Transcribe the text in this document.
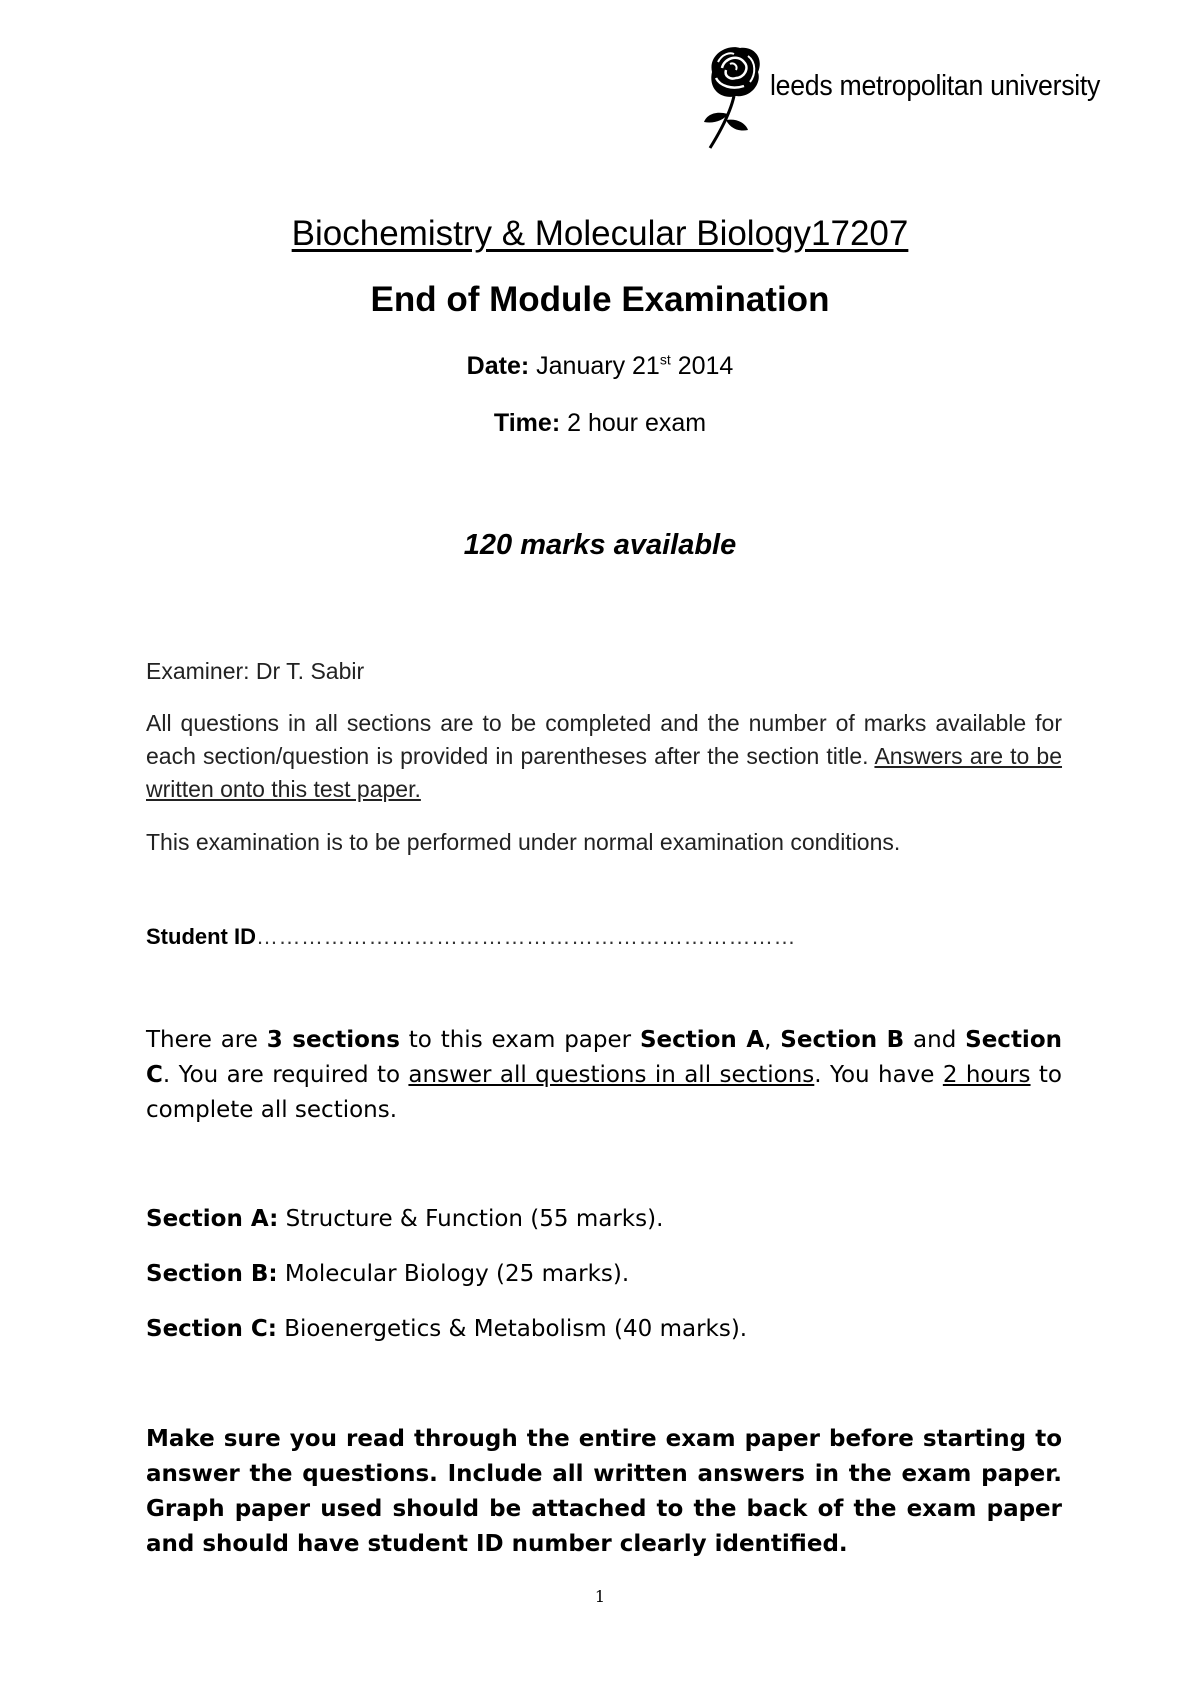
leeds metropolitan university
Biochemistry & Molecular Biology17207
End of Module Examination
Date: January 21st 2014
Time: 2 hour exam
120 marks available
Examiner: Dr T. Sabir
All questions in all sections are to be completed and the number of marks available for each section/question is provided in parentheses after the section title. Answers are to be written onto this test paper.
This examination is to be performed under normal examination conditions.
Student ID………………………………………………………………
There are 3 sections to this exam paper Section A, Section B and Section C. You are required to answer all questions in all sections. You have 2 hours to complete all sections.
Section A: Structure & Function (55 marks).
Section B: Molecular Biology (25 marks).
Section C: Bioenergetics & Metabolism (40 marks).
Make sure you read through the entire exam paper before starting to answer the questions. Include all written answers in the exam paper. Graph paper used should be attached to the back of the exam paper and should have student ID number clearly identified.
1
